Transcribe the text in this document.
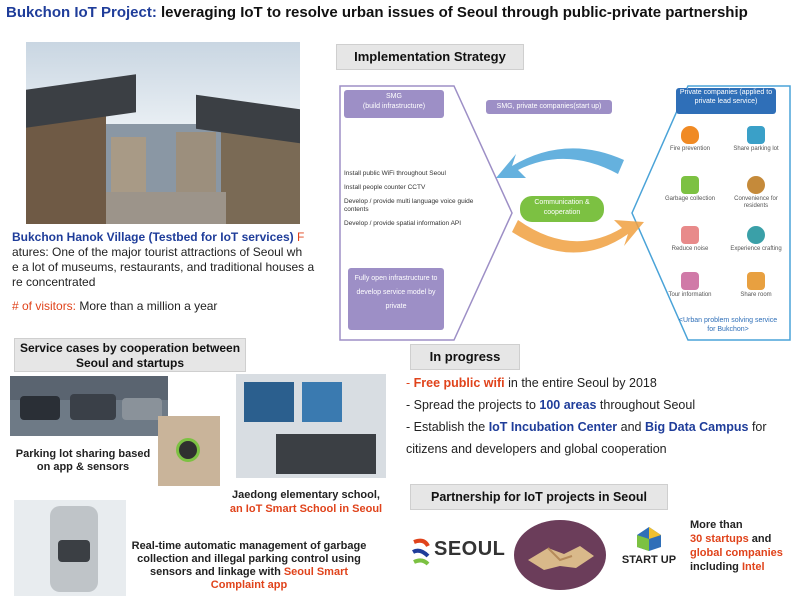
Bukchon IoT Project: leveraging IoT to resolve urban issues of Seoul through public-private partnership
Bukchon Hanok Village (Testbed for IoT services) F
atures: One of the major tourist attractions of Seoul wh
e a lot of museums, restaurants, and traditional houses a
re concentrated
# of visitors: More than a million a year
Implementation Strategy
SMG
(build infrastructure)
Install public WiFi throughout Seoul
Install people counter CCTV
Develop / provide multi language voice guide contents
Develop / provide spatial information API
Fully open infrastructure to develop service model by private
SMG, private companies(start up)
Communication & cooperation
Private companies (applied to private lead service)
Fire prevention	Share parking lot
Garbage collection	Convenience for residents
Reduce noise	Experience crafting
Tour information	Share room
<Urban problem solving service for Bukchon>
Service cases by cooperation between Seoul and startups
Parking lot sharing based on app & sensors
Jaedong elementary school,
an IoT Smart School in Seoul
Real-time automatic management of garbage collection and illegal parking control using sensors and linkage with Seoul Smart Complaint app
In progress
- Free public wifi in the entire Seoul by 2018
- Spread the projects to 100 areas throughout Seoul
- Establish the IoT Incubation Center and Big Data Campus for
citizens and developers and global cooperation
Partnership for IoT projects in Seoul
SEOUL	START UP
More than
30 startups and global companies including Intel
